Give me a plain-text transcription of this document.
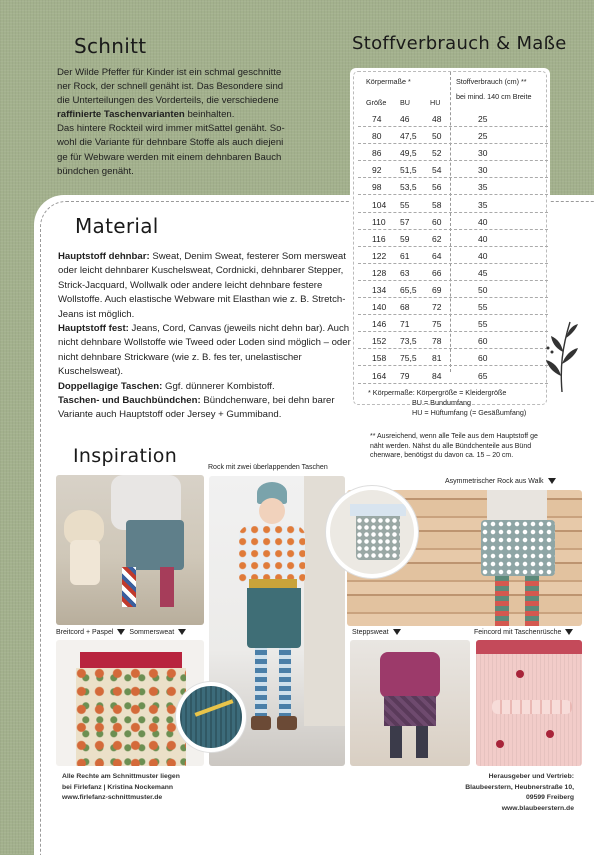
Schnitt

Der Wilde Pfeffer für Kinder ist ein schmal geschnitte

ner Rock, der schnell genäht ist. Das Besondere sind

die Unterteilungen des Vorderteils, die verschiedene

raffinierte Taschenvarianten beinhalten.

Das hintere Rockteil wird immer mitSattel genäht. So-

wohl die Variante für dehnbare Stoffe als auch diejeni

ge für Webware werden mit einem dehnbaren Bauch

bündchen genäht.

Stoffverbrauch & Maße
Körpermaße *	Stoffverbrauch (cm) **
bei mind. 140 cm Breite
Größe BU	HU
74 46	48	25
80 47,5 50	25
86 49,5 52	30
92 51,5 54	30
98 53,5 56	35
104 55	58	35
110 57	60	40
116 59	62	40
122 61	64	40
128 63	66	45
134 65,5 69	50
140 68	72	55
146 71	75	55
152 73,5 78	60
158 75,5 81	60
164 79	84	65
* Körpermaße: Körpergröße = Kleidergröße
BU = Bundumfang
HU = Hüftumfang (= Gesäßumfang)
** Ausreichend, wenn alle Teile aus dem Hauptstoff ge
näht werden. Nähst du alle Bündchenteile aus Bünd
chenware, benötigst du davon ca. 15 – 20 cm.
Material
Hauptstoff dehnbar: Sweat, Denim Sweat, festerer Som mersweat oder leicht dehnbarer Kuschelsweat, Cordnicki, dehnbarer Stepper, Strick-Jacquard, Wollwalk oder andere leicht dehnbare festere Wollstoffe. Auch elastische Webware mit Elasthan wie z. B. Stretch-Jeans ist möglich.
Hauptstoff fest: Jeans, Cord, Canvas (jeweils nicht dehn bar). Auch nicht dehnbare Wollstoffe wie Tweed oder Loden sind möglich – oder nicht dehnbare Strickware (wie z. B. fes ter, unelastischer Kuschelsweat).
Doppellagige Taschen: Ggf. dünnerer Kombistoff.
Taschen- und Bauchbündchen: Bündchenware, bei dehn barer Variante auch Hauptstoff oder Jersey + Gummiband.
Inspiration
Rock mit zwei überlappenden Taschen
Asymmetrischer Rock aus Walk
Breitcord + Paspel Sommersweat	Steppsweat	Feincord mit Taschenrüsche
Alle Rechte am Schnittmuster liegen
bei Firlefanz | Kristina Nockemann
www.firlefanz-schnittmuster.de
Herausgeber und Vertrieb:
Blaubeerstern, Heubnerstraße 10,
09599 Freiberg
www.blaubeerstern.de
